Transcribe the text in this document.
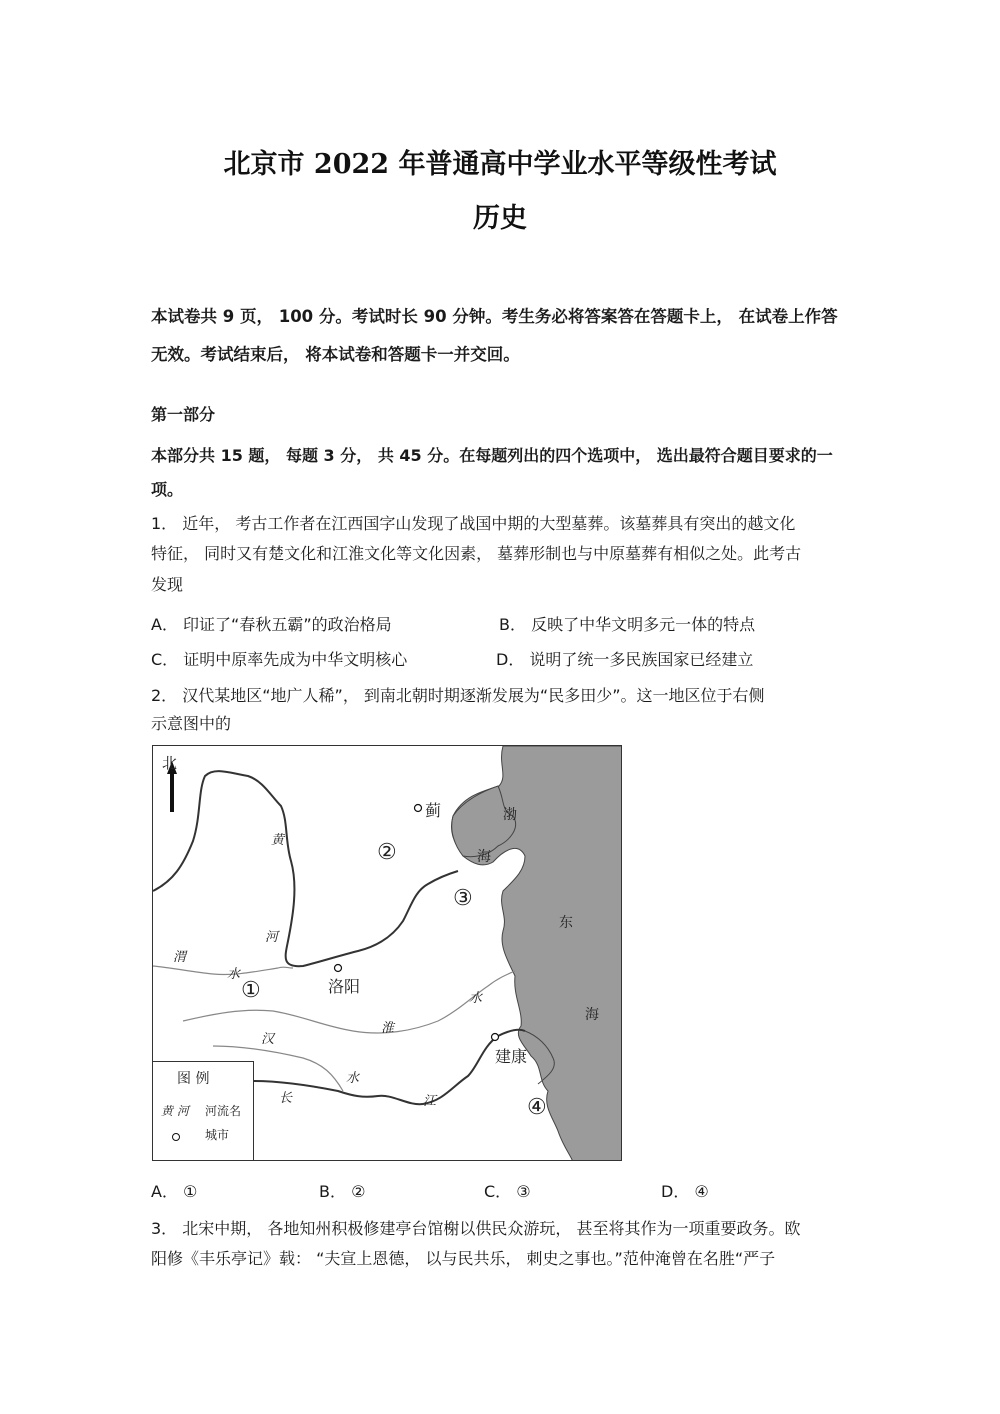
北京市 2022 年普通高中学业水平等级性考试
历史
本试卷共 9 页， 100 分。考试时长 90 分钟。考生务必将答案答在答题卡上， 在试卷上作答
无效。考试结束后， 将本试卷和答题卡一并交回。
第一部分
本部分共 15 题， 每题 3 分， 共 45 分。在每题列出的四个选项中， 选出最符合题目要求的一
项。
1． 近年， 考古工作者在江西国字山发现了战国中期的大型墓葬。该墓葬具有突出的越文化
特征， 同时又有楚文化和江淮文化等文化因素， 墓葬形制也与中原墓葬有相似之处。此考古
发现
A． 印证了“春秋五霸”的政治格局	B． 反映了中华文明多元一体的特点
C． 证明中原率先成为中华文明核心	D． 说明了统一多民族国家已经建立
2． 汉代某地区“地广人稀”， 到南北朝时期逐渐发展为“民多田少”。这一地区位于右侧
示意图中的
北
黄
河
渭
水
洛阳
蓟	渤
海
东
海
水
淮
汉
水
长	江
建康
①
②
③
④
图 例
黄 河 河流名
城市
A． ①	B． ②	C． ③	D． ④
3． 北宋中期， 各地知州积极修建亭台馆榭以供民众游玩， 甚至将其作为一项重要政务。欧
阳修《丰乐亭记》载： “夫宣上恩德， 以与民共乐， 刺史之事也。”范仲淹曾在名胜“严子
